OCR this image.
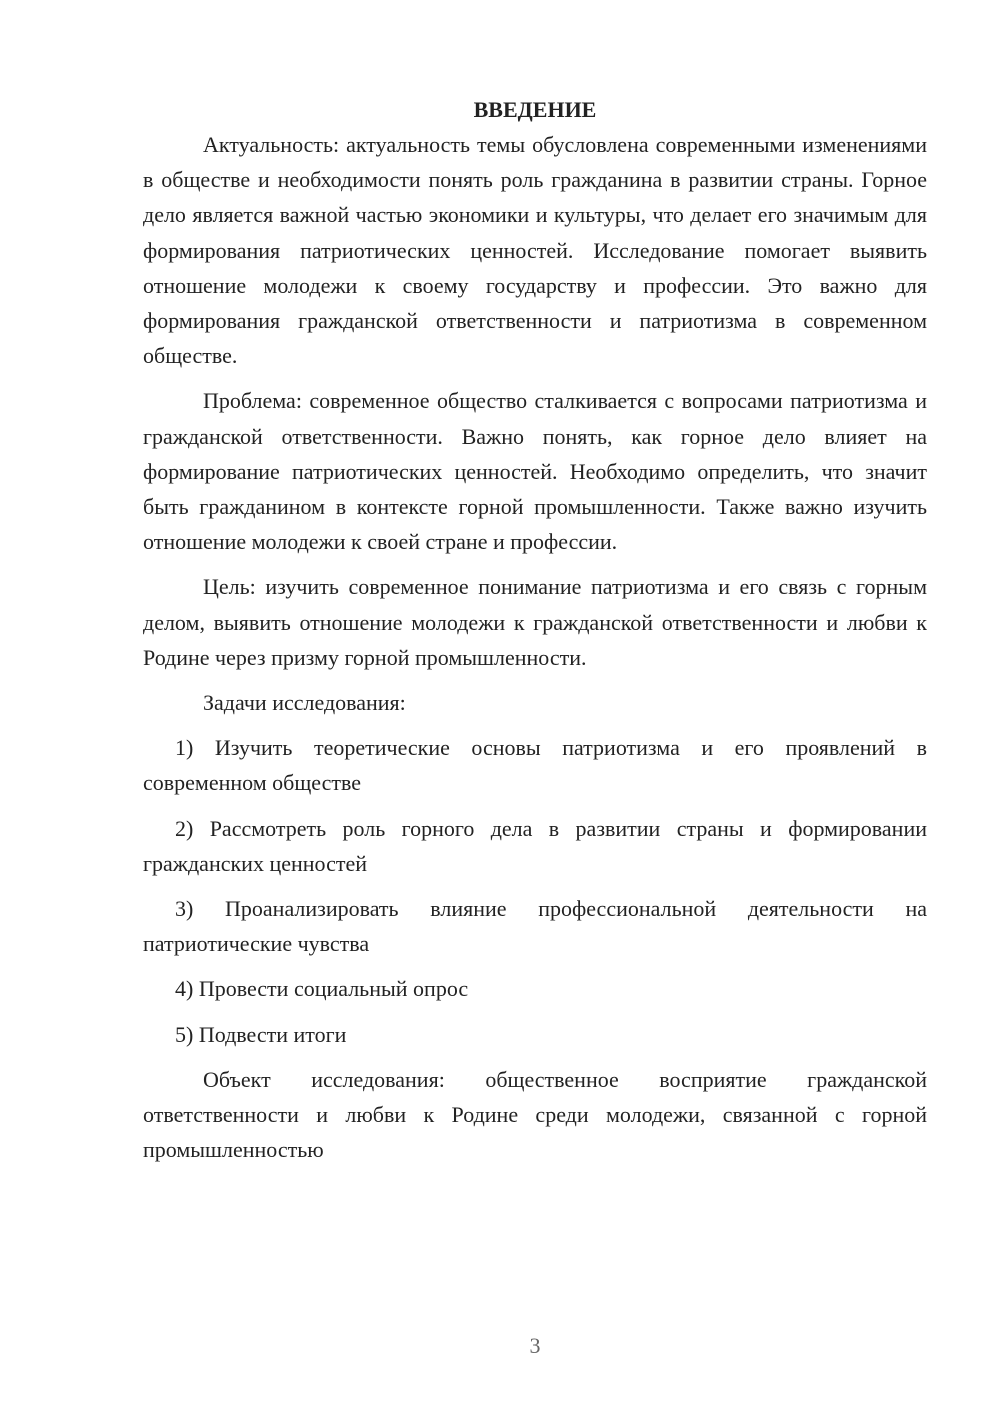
ВВЕДЕНИЕ

Актуальность: актуальность темы обусловлена современными изменениями в обществе и необходимости понять роль гражданина в развитии страны. Горное дело является важной частью экономики и культуры, что делает его значимым для формирования патриотических ценностей. Исследование помогает выявить отношение молодежи к своему государству и профессии. Это важно для формирования гражданской ответственности и патриотизма в современном обществе.

Проблема: современное общество сталкивается с вопросами патриотизма и гражданской ответственности. Важно понять, как горное дело влияет на формирование патриотических ценностей. Необходимо определить, что значит быть гражданином в контексте горной промышленности. Также важно изучить отношение молодежи к своей стране и профессии.

Цель: изучить современное понимание патриотизма и его связь с горным делом, выявить отношение молодежи к гражданской ответственности и любви к Родине через призму горной промышленности.

Задачи исследования:

1) Изучить теоретические основы патриотизма и его проявлений в современном обществе

2) Рассмотреть роль горного дела в развитии страны и формировании гражданских ценностей

3) Проанализировать влияние профессиональной деятельности на патриотические чувства

4) Провести социальный опрос

5) Подвести итоги

Объект исследования: общественное восприятие гражданской ответственности и любви к Родине среди молодежи, связанной с горной промышленностью

3
